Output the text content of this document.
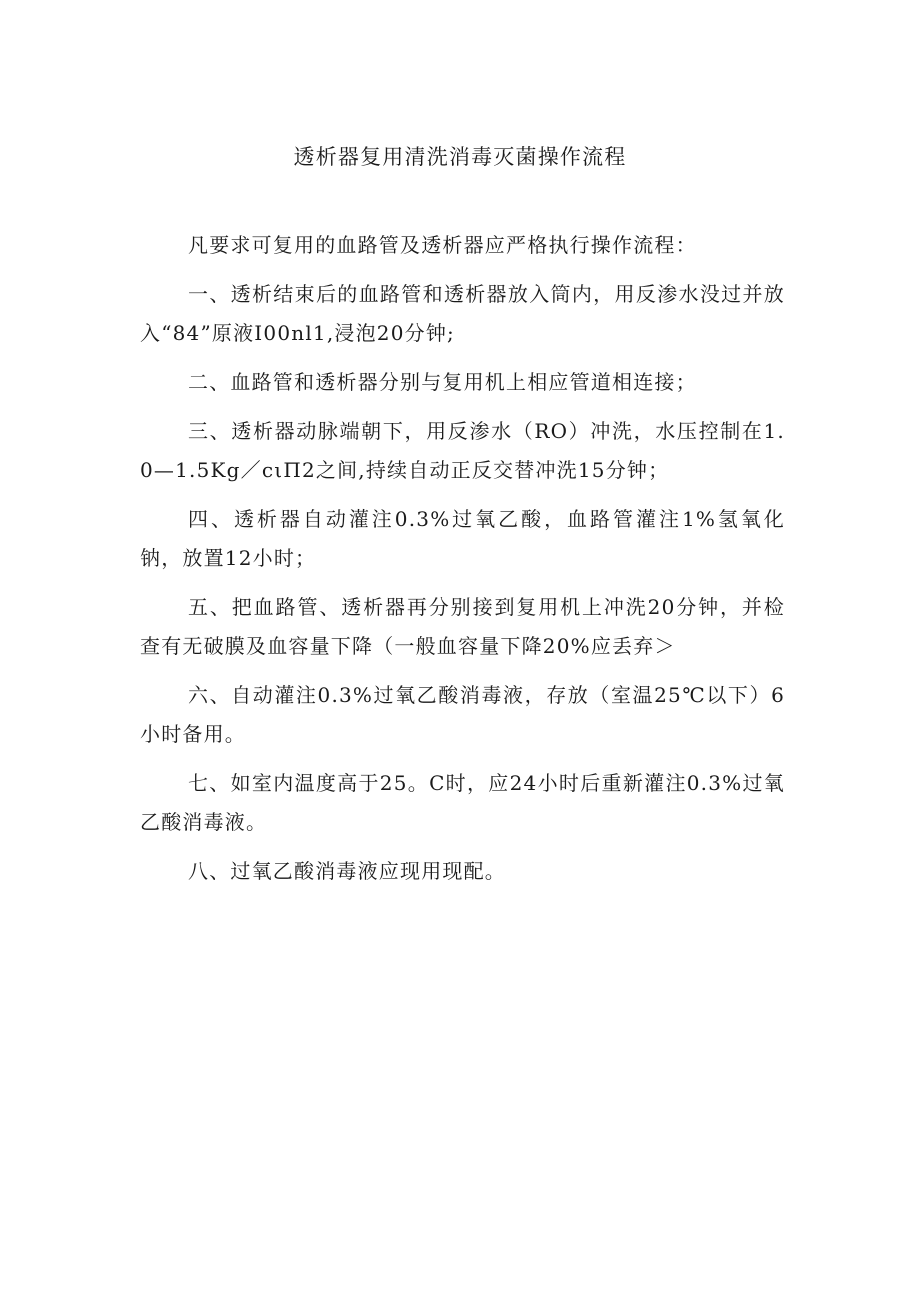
透析器复用清洗消毒灭菌操作流程

凡要求可复用的血路管及透析器应严格执行操作流程：

一、透析结束后的血路管和透析器放入筒内，用反渗水没过并放入“84”原液I00nl1,浸泡20分钟;

二、血路管和透析器分别与复用机上相应管道相连接；

三、透析器动脉端朝下，用反渗水（RO）冲洗，水压控制在1.0—1.5Kg／cιΠ2之间,持续自动正反交替冲洗15分钟；

四、透析器自动灌注0.3%过氧乙酸，血路管灌注1%氢氧化钠，放置12小时；

五、把血路管、透析器再分别接到复用机上冲洗20分钟，并检查有无破膜及血容量下降（一般血容量下降20%应丢弃＞

六、自动灌注0.3%过氧乙酸消毒液，存放（室温25℃以下）6小时备用。

七、如室内温度高于25。C时，应24小时后重新灌注0.3%过氧乙酸消毒液。

八、过氧乙酸消毒液应现用现配。
